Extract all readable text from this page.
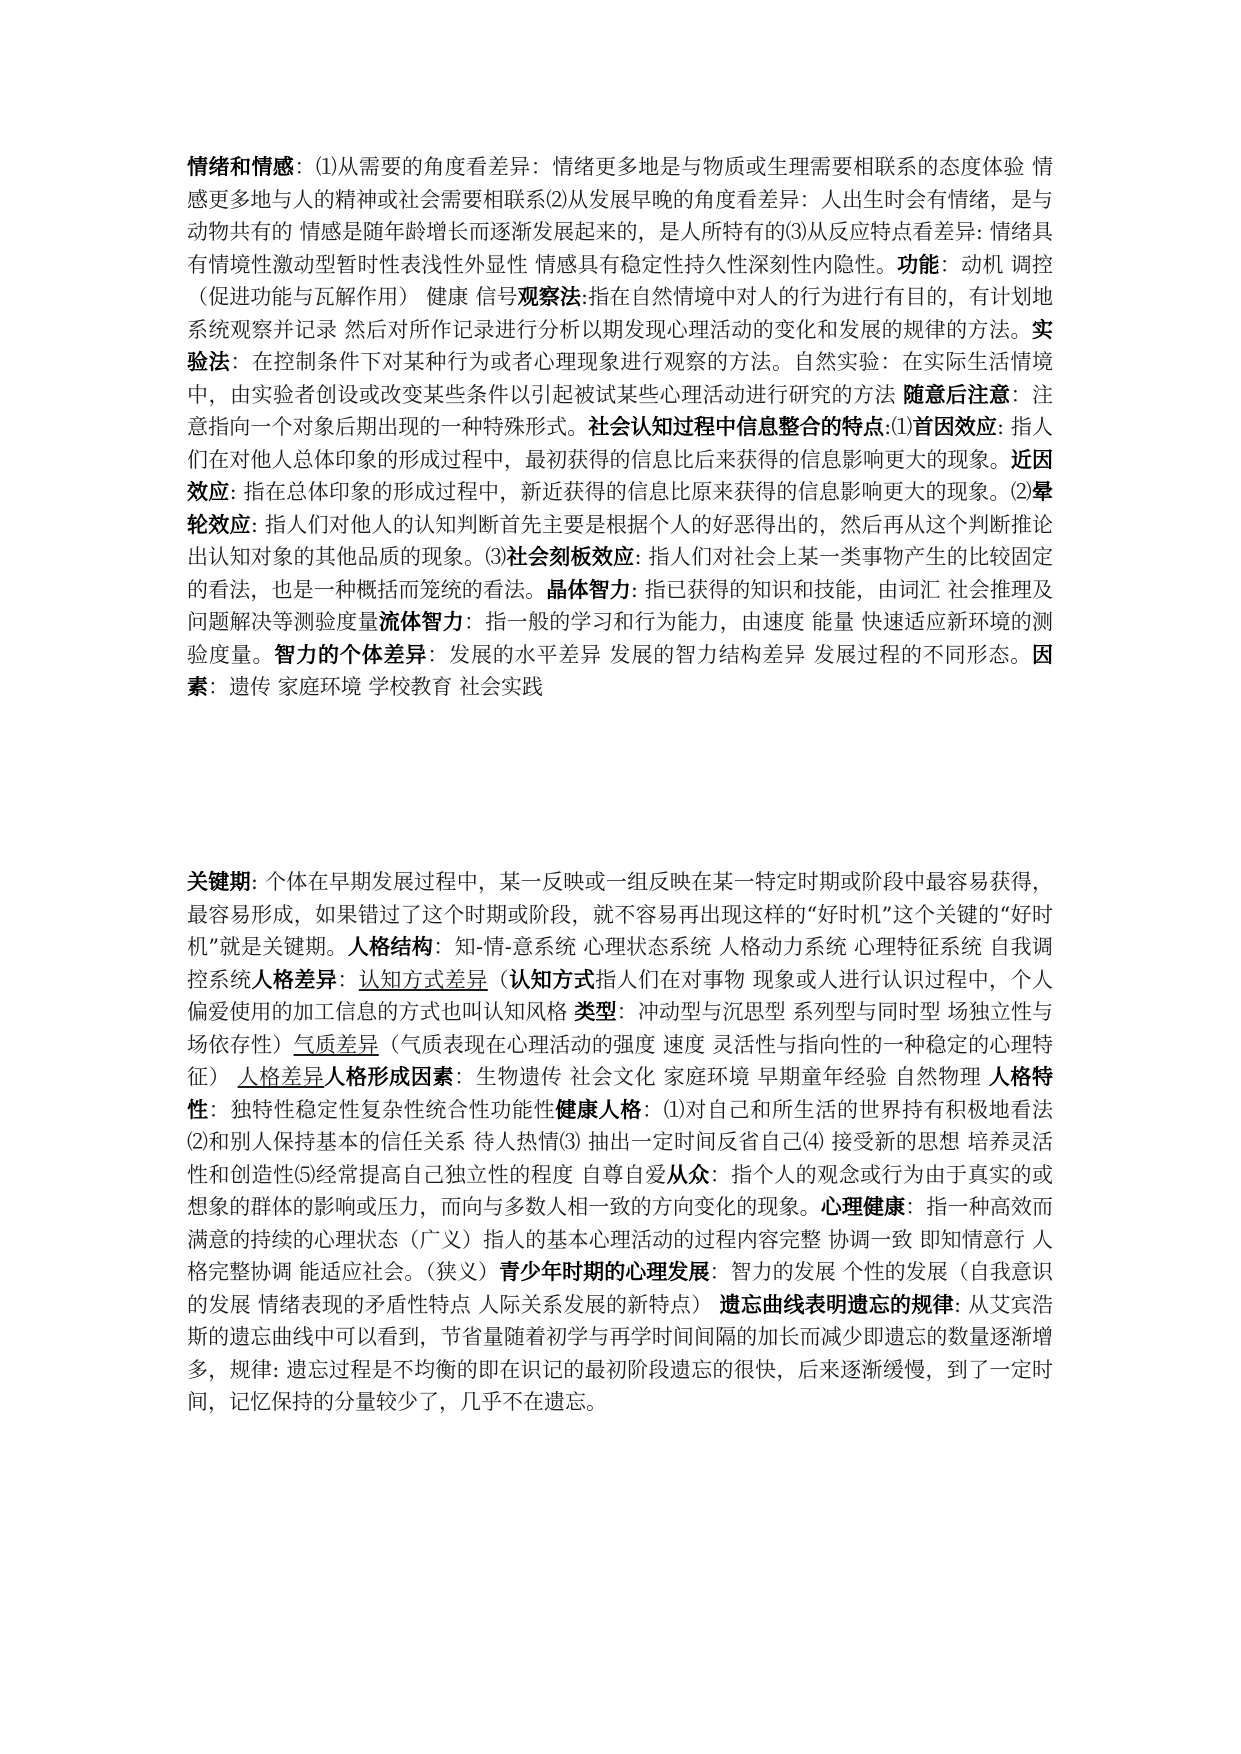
情绪和情感：⑴从需要的角度看差异：情绪更多地是与物质或生理需要相联系的态度体验 情感更多地与人的精神或社会需要相联系⑵从发展早晚的角度看差异：人出生时会有情绪，是与动物共有的 情感是随年龄增长而逐渐发展起来的，是人所特有的⑶从反应特点看差异: 情绪具有情境性激动型暂时性表浅性外显性 情感具有稳定性持久性深刻性内隐性。功能：动机 调控（促进功能与瓦解作用） 健康 信号观察法:指在自然情境中对人的行为进行有目的，有计划地系统观察并记录 然后对所作记录进行分析以期发现心理活动的变化和发展的规律的方法。实验法：在控制条件下对某种行为或者心理现象进行观察的方法。自然实验：在实际生活情境中，由实验者创设或改变某些条件以引起被试某些心理活动进行研究的方法 随意后注意：注意指向一个对象后期出现的一种特殊形式。社会认知过程中信息整合的特点:⑴首因效应: 指人们在对他人总体印象的形成过程中，最初获得的信息比后来获得的信息影响更大的现象。近因效应: 指在总体印象的形成过程中，新近获得的信息比原来获得的信息影响更大的现象。⑵晕轮效应: 指人们对他人的认知判断首先主要是根据个人的好恶得出的，然后再从这个判断推论出认知对象的其他品质的现象。⑶社会刻板效应: 指人们对社会上某一类事物产生的比较固定的看法，也是一种概括而笼统的看法。晶体智力: 指已获得的知识和技能，由词汇 社会推理及问题解决等测验度量流体智力：指一般的学习和行为能力，由速度 能量 快速适应新环境的测验度量。智力的个体差异：发展的水平差异 发展的智力结构差异 发展过程的不同形态。因素：遗传 家庭环境 学校教育 社会实践
关键期: 个体在早期发展过程中，某一反映或一组反映在某一特定时期或阶段中最容易获得，最容易形成，如果错过了这个时期或阶段，就不容易再出现这样的“好时机”这个关键的“好时机”就是关键期。人格结构：知-情-意系统 心理状态系统 人格动力系统 心理特征系统 自我调控系统人格差异：认知方式差异（认知方式指人们在对事物 现象或人进行认识过程中，个人偏爱使用的加工信息的方式也叫认知风格 类型：冲动型与沉思型 系列型与同时型 场独立性与场依存性）气质差异（气质表现在心理活动的强度 速度 灵活性与指向性的一种稳定的心理特征） 人格差异人格形成因素：生物遗传 社会文化 家庭环境 早期童年经验 自然物理 人格特性：独特性稳定性复杂性统合性功能性健康人格：⑴对自己和所生活的世界持有积极地看法 ⑵和别人保持基本的信任关系 待人热情⑶ 抽出一定时间反省自己⑷ 接受新的思想 培养灵活性和创造性⑸经常提高自己独立性的程度 自尊自爱从众：指个人的观念或行为由于真实的或想象的群体的影响或压力，而向与多数人相一致的方向变化的现象。心理健康：指一种高效而满意的持续的心理状态（广义）指人的基本心理活动的过程内容完整 协调一致 即知情意行 人格完整协调 能适应社会。（狭义）青少年时期的心理发展：智力的发展 个性的发展（自我意识的发展 情绪表现的矛盾性特点 人际关系发展的新特点） 遗忘曲线表明遗忘的规律: 从艾宾浩斯的遗忘曲线中可以看到，节省量随着初学与再学时间间隔的加长而减少即遗忘的数量逐渐增多，规律: 遗忘过程是不均衡的即在识记的最初阶段遗忘的很快，后来逐渐缓慢，到了一定时间，记忆保持的分量较少了，几乎不在遗忘。
